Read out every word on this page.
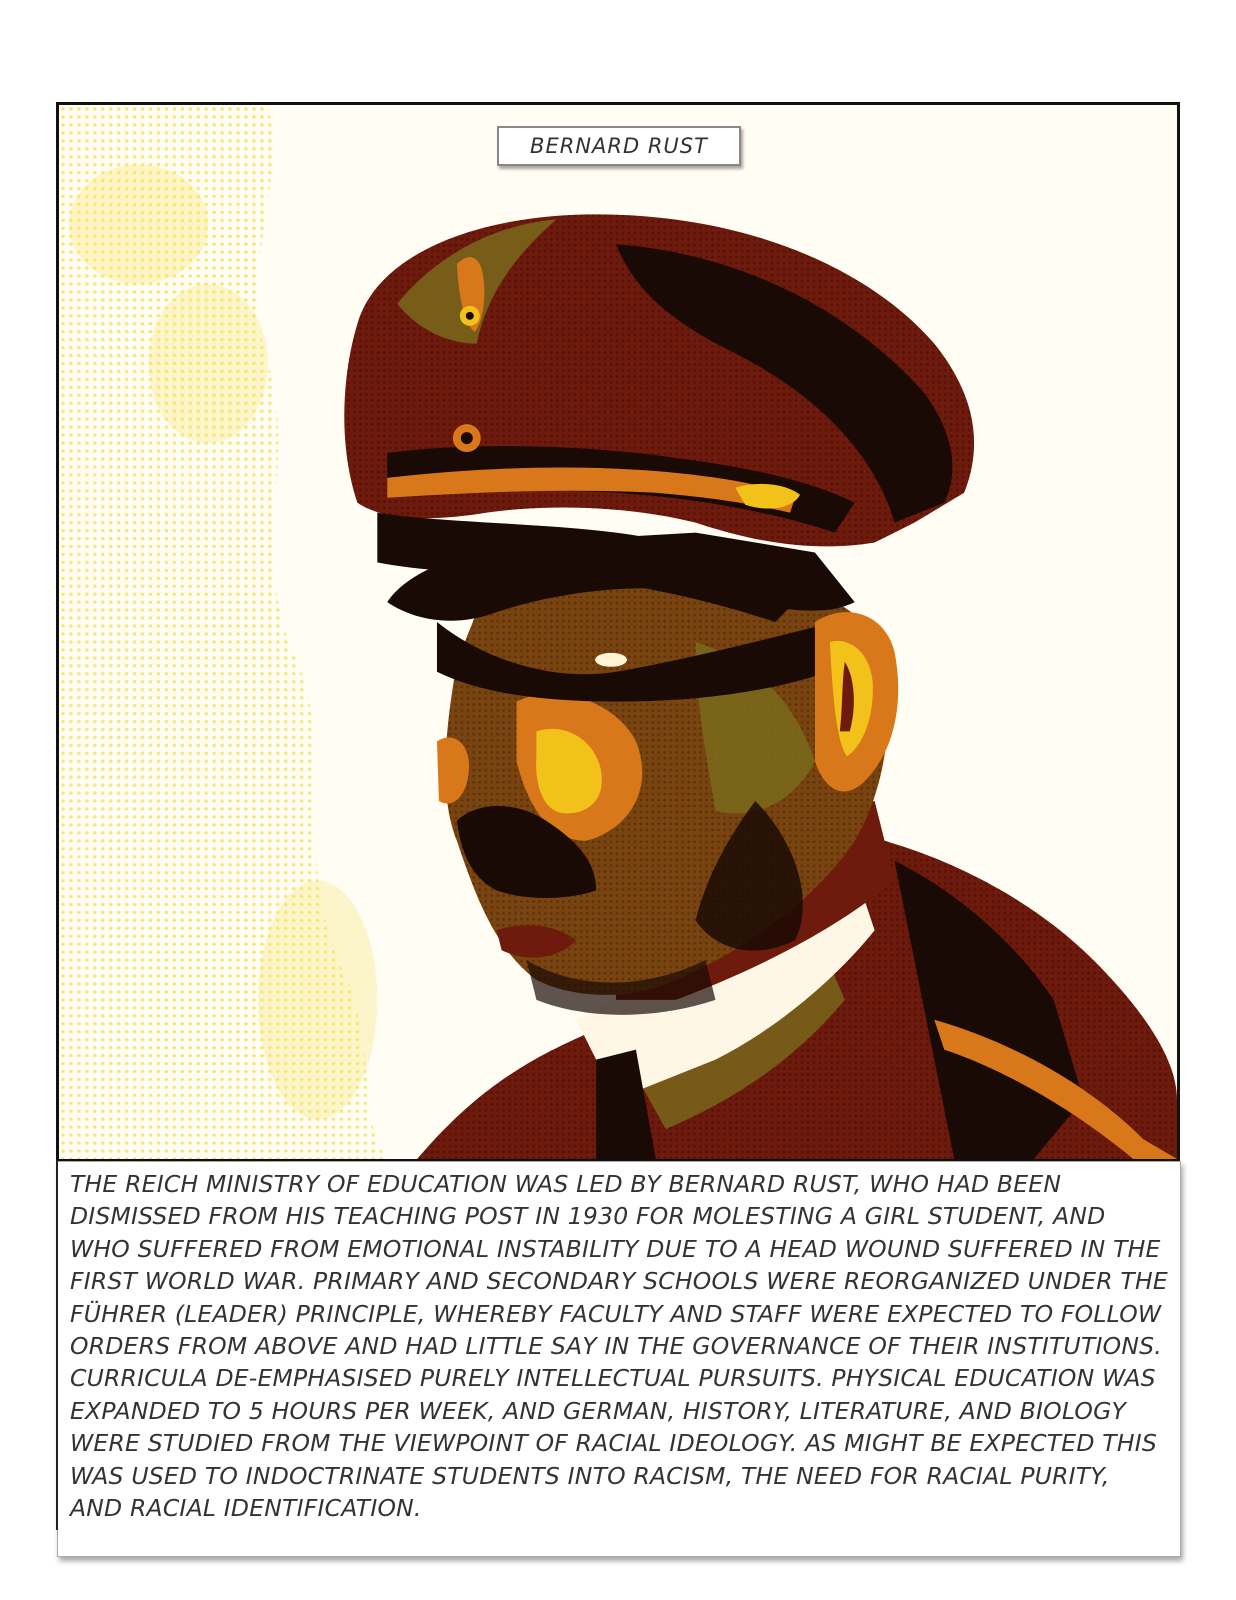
BERNARD RUST

THE REICH MINISTRY OF EDUCATION WAS LED BY BERNARD RUST, WHO HAD BEEN DISMISSED FROM HIS TEACHING POST IN 1930 FOR MOLESTING A GIRL STUDENT, AND WHO SUFFERED FROM EMOTIONAL INSTABILITY DUE TO A HEAD WOUND SUFFERED IN THE FIRST WORLD WAR. PRIMARY AND SECONDARY SCHOOLS WERE REORGANIZED UNDER THE FÜHRER (LEADER) PRINCIPLE, WHEREBY FACULTY AND STAFF WERE EXPECTED TO FOLLOW ORDERS FROM ABOVE AND HAD LITTLE SAY IN THE GOVERNANCE OF THEIR INSTITUTIONS. CURRICULA DE-EMPHASISED PURELY INTELLECTUAL PURSUITS. PHYSICAL EDUCATION WAS EXPANDED TO 5 HOURS PER WEEK, AND GERMAN, HISTORY, LITERATURE, AND BIOLOGY WERE STUDIED FROM THE VIEWPOINT OF RACIAL IDEOLOGY. AS MIGHT BE EXPECTED THIS WAS USED TO INDOCTRINATE STUDENTS INTO RACISM, THE NEED FOR RACIAL PURITY, AND RACIAL IDENTIFICATION.
